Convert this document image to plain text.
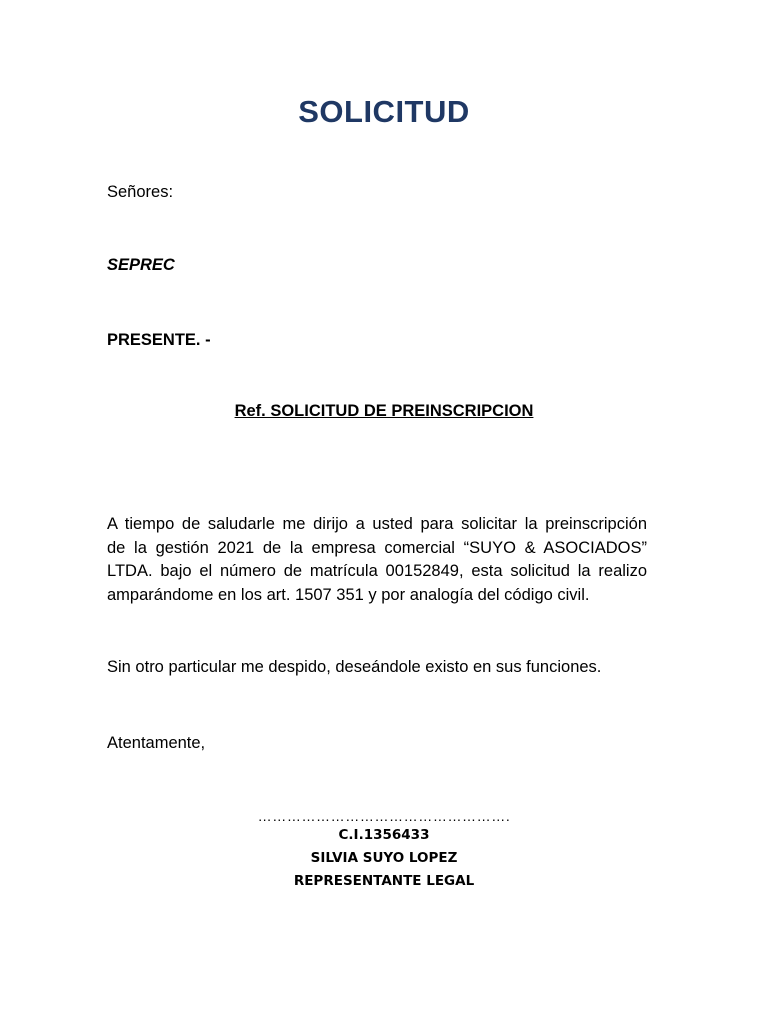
SOLICITUD
Señores:
SEPREC
PRESENTE. -
Ref. SOLICITUD DE PREINSCRIPCION
A tiempo de saludarle me dirijo a usted para solicitar la preinscripción
de la gestión 2021 de la empresa comercial “SUYO & ASOCIADOS”
LTDA. bajo el número de matrícula 00152849, esta solicitud la realizo
amparándome en los art. 1507 351 y por analogía del código civil.
Sin otro particular me despido, deseándole existo en sus funciones.
Atentamente,
…………………………………………….
C.I.1356433
SILVIA SUYO LOPEZ
REPRESENTANTE LEGAL
